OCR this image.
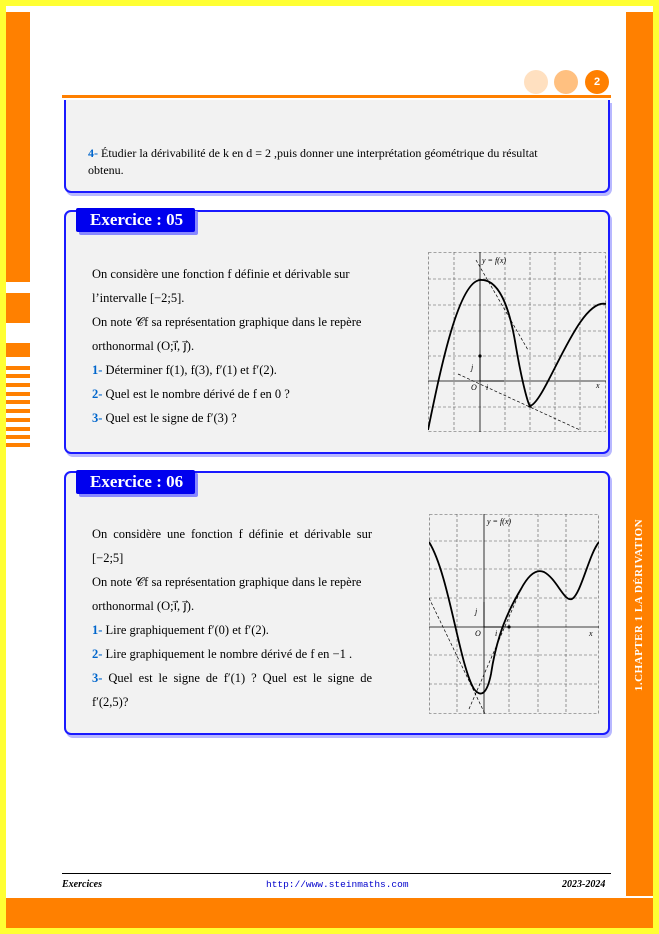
1.CHAPTER 1 LA DÉRIVATION
2
4- Étudier la dérivabilité de k en d = 2 ,puis donner une interprétation géométrique du résultat
obtenu.
Exercice : 05
On considère une fonction f définie et dérivable sur
l’intervalle [−2;5].
On note 𝒞f sa représentation graphique dans le repère
orthonormal (O;i⃗, j⃗).
1- Déterminer f(1), f(3), f′(1) et f′(2).
2- Quel est le nombre dérivé de f en 0 ?
3- Quel est le signe de f′(3) ?
y = f(x)
x
O
j⃗
i⃗
Exercice : 06
On considère une fonction f définie et dérivable sur
[−2;5]
On note 𝒞f sa représentation graphique dans le repère
orthonormal (O;i⃗, j⃗).
1- Lire graphiquement f′(0) et f′(2).
2- Lire graphiquement le nombre dérivé de f en −1 .
3- Quel est le signe de f′(1) ? Quel est le signe de
f′(2,5)?
y = f(x)
x
O
j⃗
i⃗
Exercices	http://www.steinmaths.com	2023-2024
